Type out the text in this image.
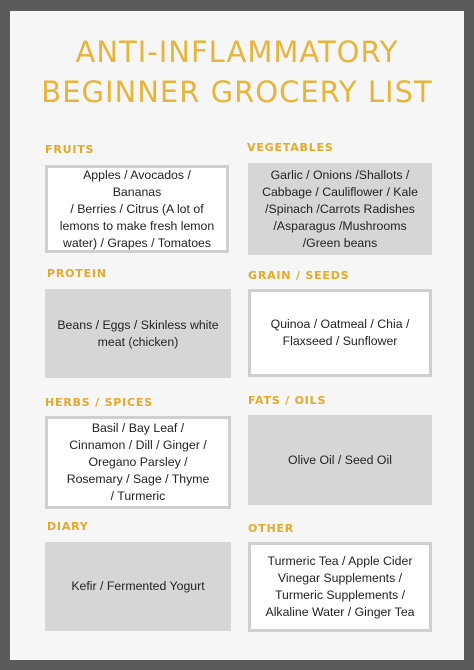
ANTI-INFLAMMATORY
BEGINNER GROCERY LIST
FRUITS
Apples / Avocados / Bananas
/ Berries / Citrus (A lot of
lemons to make fresh lemon
water) / Grapes / Tomatoes
VEGETABLES
Garlic / Onions /Shallots /
Cabbage / Cauliflower / Kale
/Spinach /Carrots Radishes
/Asparagus /Mushrooms
/Green beans
PROTEIN
Beans / Eggs / Skinless white
meat (chicken)
GRAIN / SEEDS
Quinoa / Oatmeal / Chia /
Flaxseed / Sunflower
HERBS / SPICES
Basil / Bay Leaf /
Cinnamon / Dill / Ginger /
Oregano Parsley /
Rosemary / Sage / Thyme
/ Turmeric
FATS / OILS
Olive Oil / Seed Oil
DIARY
Kefir / Fermented Yogurt
OTHER
Turmeric Tea / Apple Cider
Vinegar Supplements /
Turmeric Supplements /
Alkaline Water / Ginger Tea
